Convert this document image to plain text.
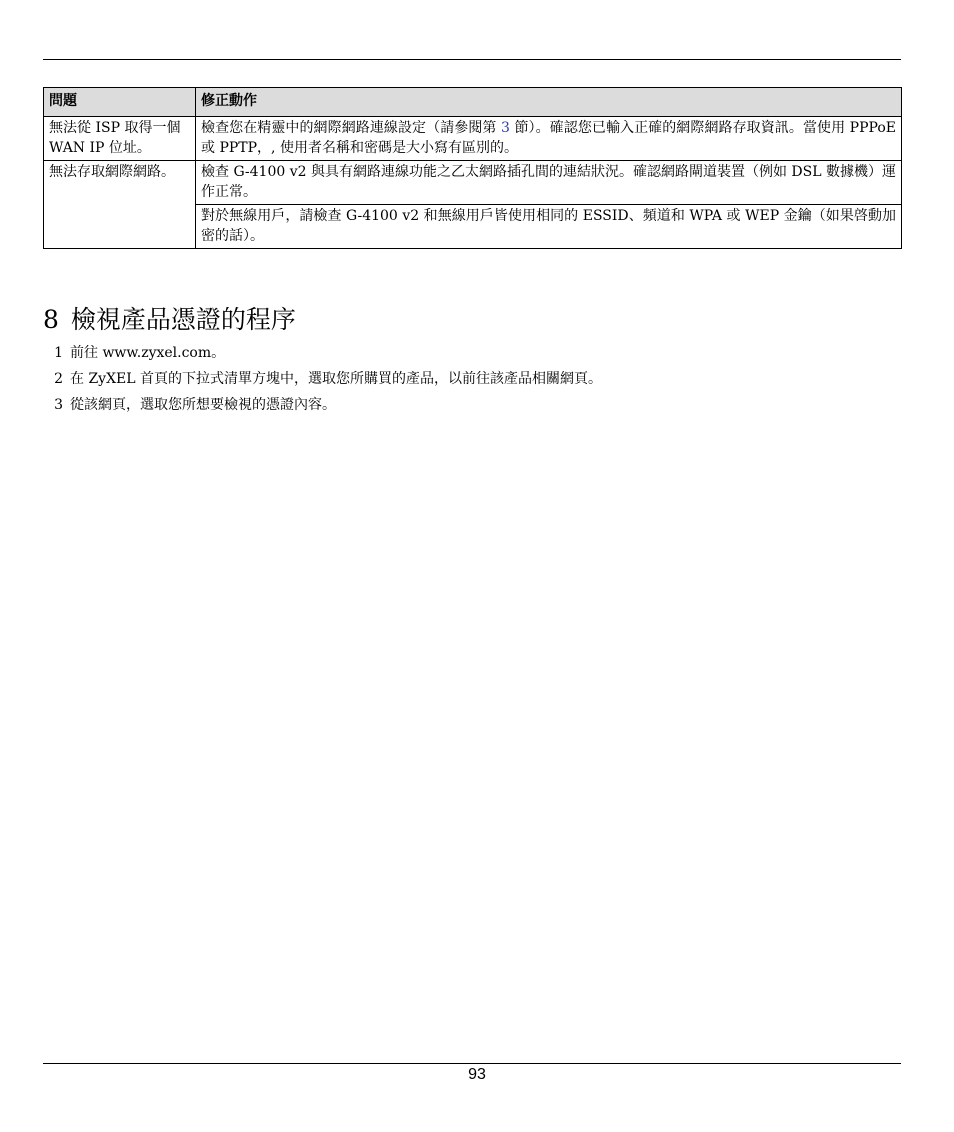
問題	修正動作
無法從 ISP 取得一個 WAN IP 位址。	檢查您在精靈中的網際網路連線設定（請參閱第 3 節）。確認您已輸入正確的網際網路存取資訊。當使用 PPPoE 或 PPTP，, 使用者名稱和密碼是大小寫有區別的。
無法存取網際網路。	檢查 G-4100 v2 與具有網路連線功能之乙太網路插孔間的連結狀況。確認網路閘道裝置（例如 DSL 數據機）運作正常。
	對於無線用戶，請檢查 G-4100 v2 和無線用戶皆使用相同的 ESSID、頻道和 WPA 或 WEP 金鑰（如果啓動加密的話）。
8 檢視產品憑證的程序
1 前往 www.zyxel.com。
2 在 ZyXEL 首頁的下拉式清單方塊中，選取您所購買的產品，以前往該產品相關網頁。
3 從該網頁，選取您所想要檢視的憑證內容。
93
